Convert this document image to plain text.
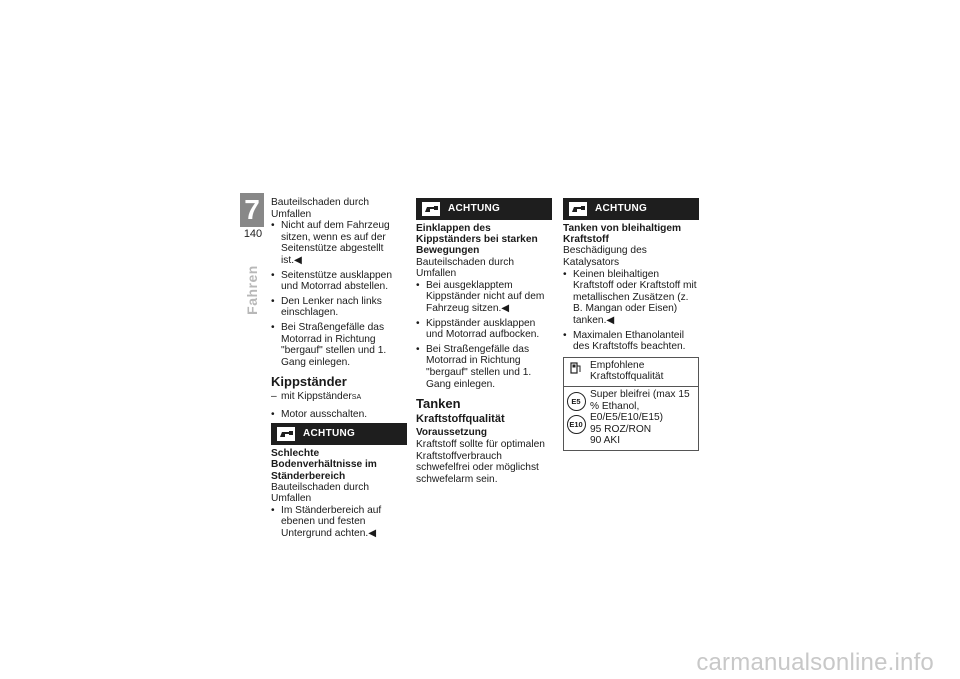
7
140
Fahren

Bauteilschaden durch Umfallen

• Nicht auf dem Fahrzeug sitzen, wenn es auf der Seitenstütze abgestellt ist.◀
• Seitenstütze ausklappen und Motorrad abstellen.
• Den Lenker nach links einschlagen.
• Bei Straßengefälle das Motorrad in Richtung "bergauf" stellen und 1. Gang einlegen.
Kippständer
– mit Kippständer SA
• Motor ausschalten.
ACHTUNG
Schlechte Bodenverhältnisse im Ständerbereich

Bauteilschaden durch Umfallen

• Im Ständerbereich auf ebenen und festen Untergrund achten.◀
ACHTUNG
Einklappen des Kippständers bei starken Bewegungen

Bauteilschaden durch Umfallen

• Bei ausgeklapptem Kippständer nicht auf dem Fahrzeug sitzen.◀
• Kippständer ausklappen und Motorrad aufbocken.
• Bei Straßengefälle das Motorrad in Richtung "bergauf" stellen und 1. Gang einlegen.
Tanken
Kraftstoffqualität
Voraussetzung

Kraftstoff sollte für optimalen Kraftstoffverbrauch schwefelfrei oder möglichst schwefelarm sein.

ACHTUNG
Tanken von bleihaltigem Kraftstoff

Beschädigung des Katalysators

• Keinen bleihaltigen Kraftstoff oder Kraftstoff mit metallischen Zusätzen (z. B. Mangan oder Eisen) tanken.◀
• Maximalen Ethanolanteil des Kraftstoffs beachten.
Empfohlene Kraftstoffqualität
E5
E10
Super bleifrei (max 15 % Ethanol, E0/E5/E10/E15)
95 ROZ/RON
90 AKI
carmanualsonline.info
